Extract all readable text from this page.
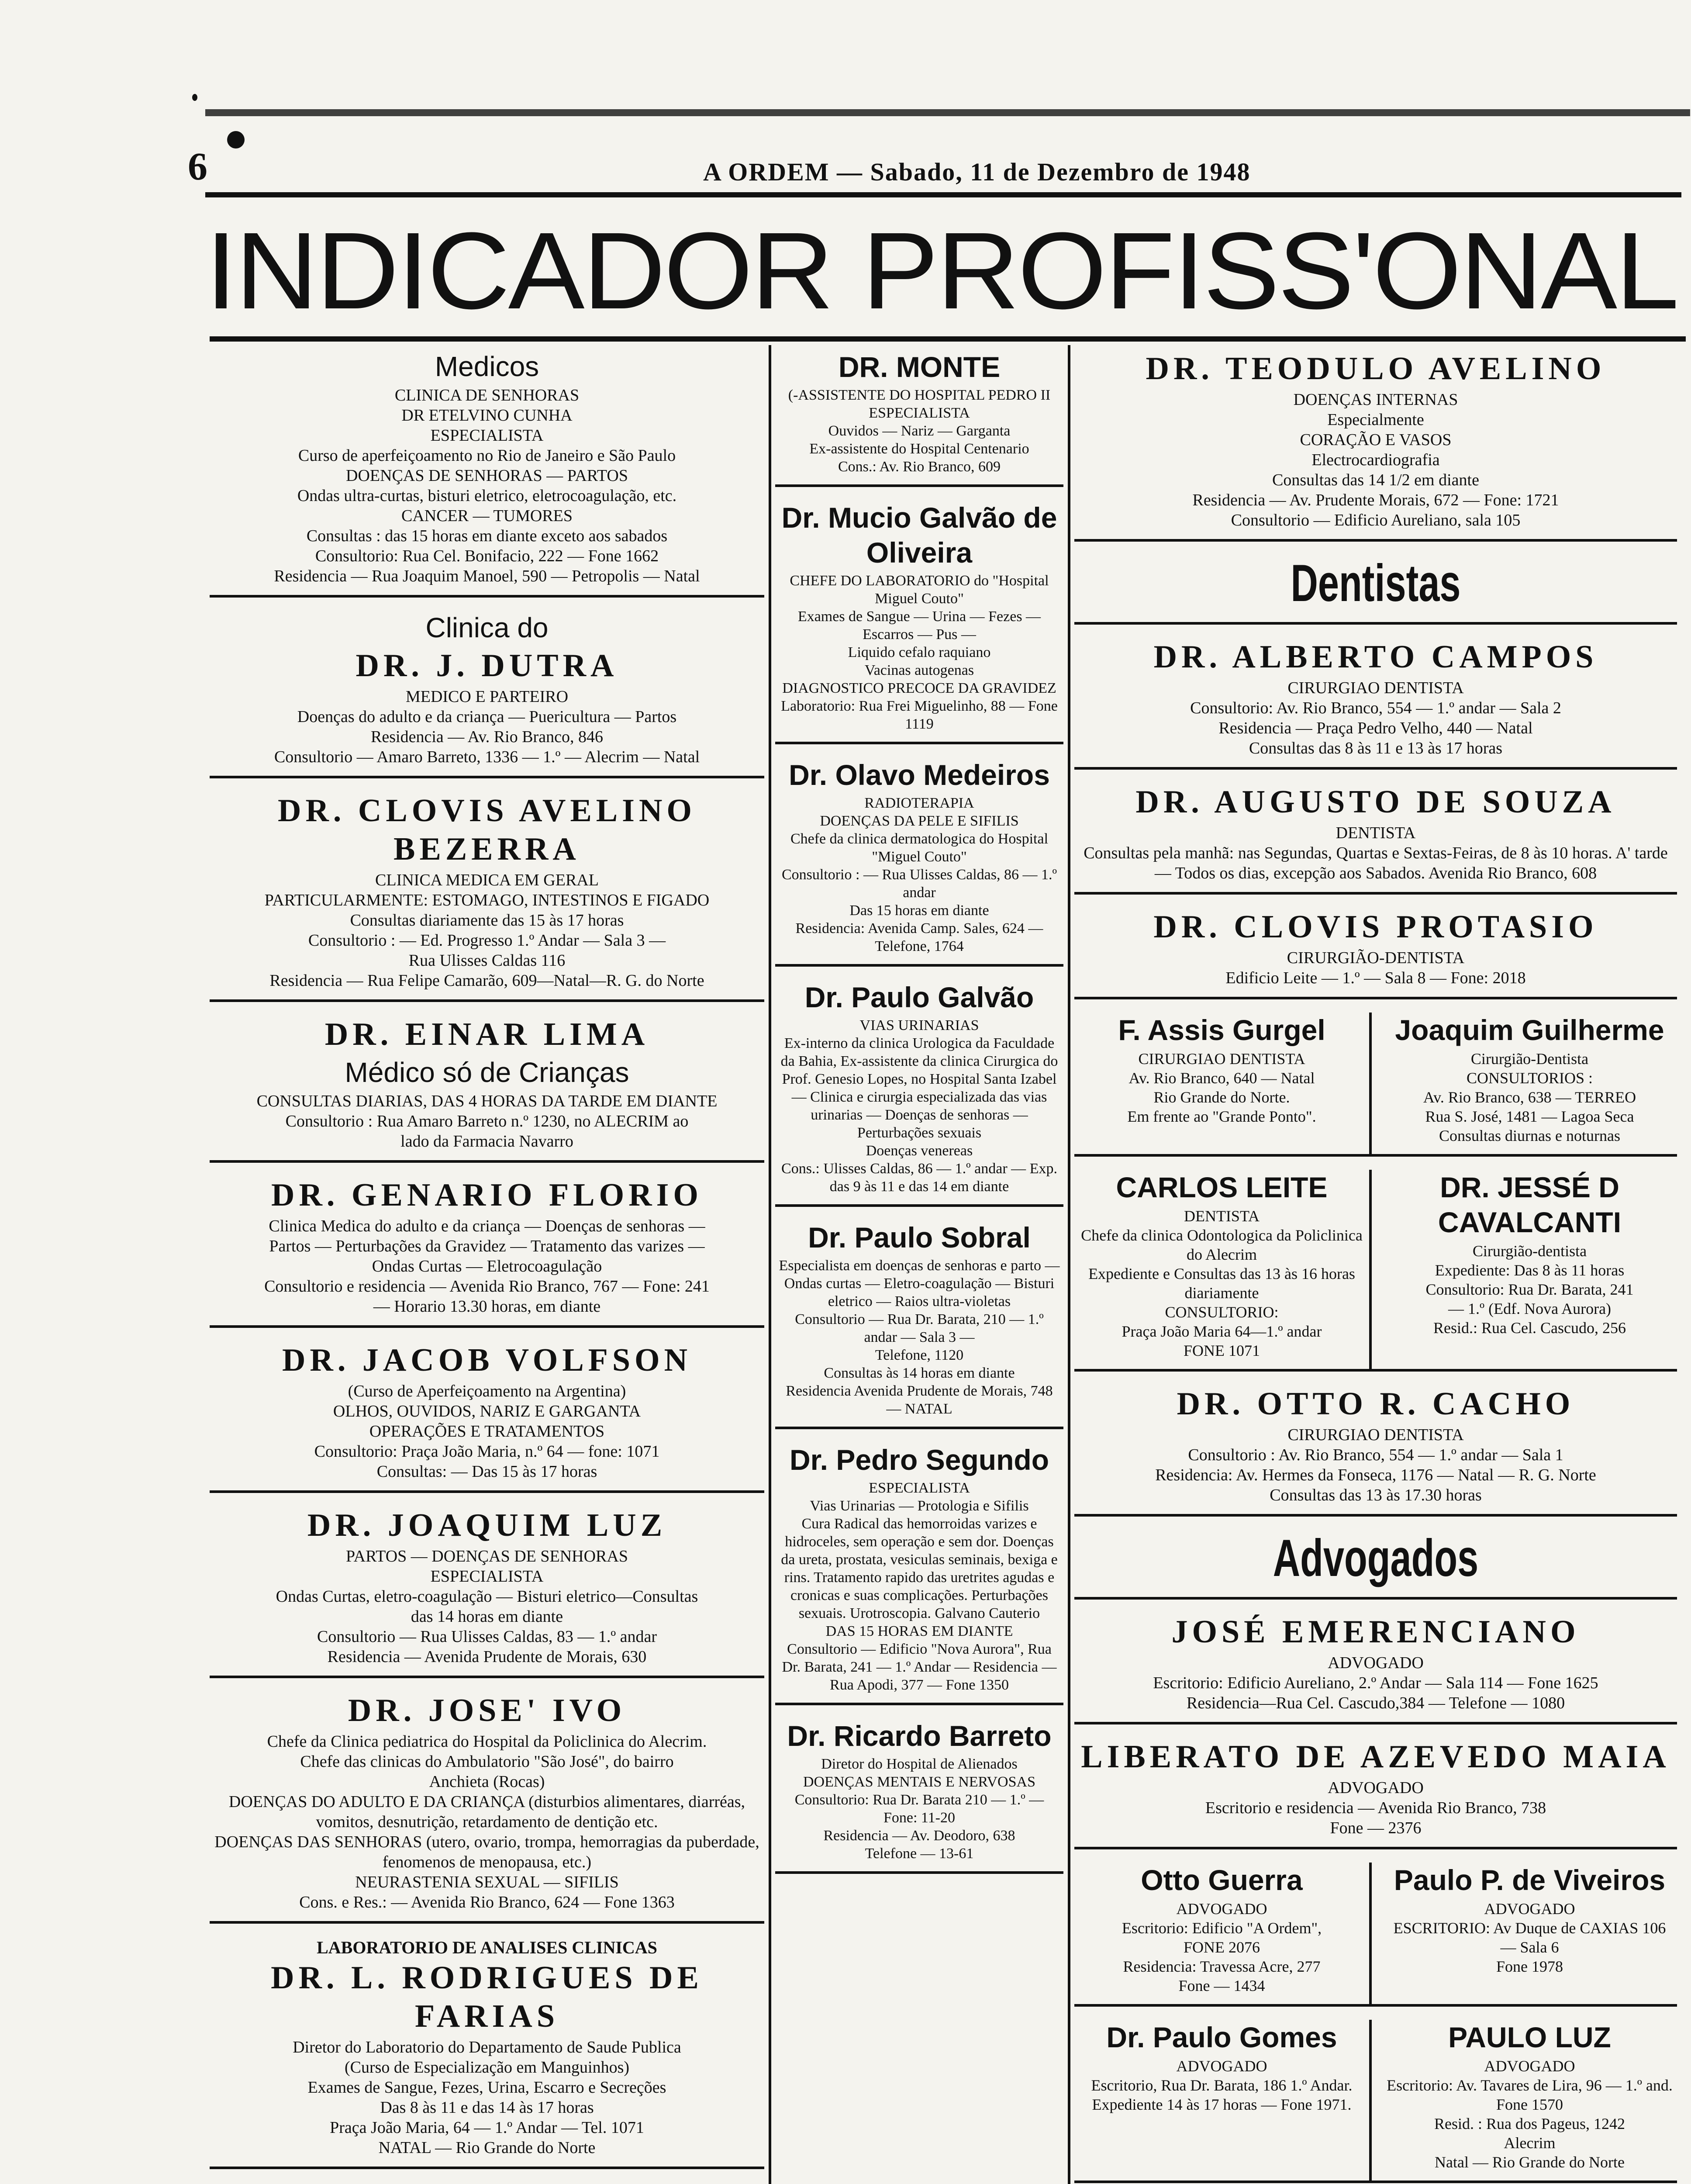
6	A ORDEM — Sabado, 11 de Dezembro de 1948
INDICADOR PROFISS'ONAL
Medicos

CLINICA DE SENHORAS

DR ETELVINO CUNHA

ESPECIALISTA

Curso de aperfeiçoamento no Rio de Janeiro e São Paulo

DOENÇAS DE SENHORAS — PARTOS

Ondas ultra-curtas, bisturi eletrico, eletrocoagulação, etc.

CANCER — TUMORES

Consultas : das 15 horas em diante exceto aos sabados

Consultorio: Rua Cel. Bonifacio, 222 — Fone 1662

Residencia — Rua Joaquim Manoel, 590 — Petropolis — Natal

Clinica do
DR. J. DUTRA

MEDICO E PARTEIRO

Doenças do adulto e da criança — Puericultura — Partos

Residencia — Av. Rio Branco, 846

Consultorio — Amaro Barreto, 1336 — 1.º — Alecrim — Natal

DR. CLOVIS AVELINO BEZERRA

CLINICA MEDICA EM GERAL

PARTICULARMENTE: ESTOMAGO, INTESTINOS E FIGADO

Consultas diariamente das 15 às 17 horas

Consultorio : — Ed. Progresso 1.º Andar — Sala 3 —

Rua Ulisses Caldas 116

Residencia — Rua Felipe Camarão, 609—Natal—R. G. do Norte

DR. EINAR LIMA
Médico só de Crianças

CONSULTAS DIARIAS, DAS 4 HORAS DA TARDE EM DIANTE

Consultorio : Rua Amaro Barreto n.º 1230, no ALECRIM ao

lado da Farmacia Navarro

DR. GENARIO FLORIO

Clinica Medica do adulto e da criança — Doenças de senhoras —

Partos — Perturbações da Gravidez — Tratamento das varizes —

Ondas Curtas — Eletrocoagulação

Consultorio e residencia — Avenida Rio Branco, 767 — Fone: 241

— Horario 13.30 horas, em diante

DR. JACOB VOLFSON

(Curso de Aperfeiçoamento na Argentina)

OLHOS, OUVIDOS, NARIZ E GARGANTA

OPERAÇÕES E TRATAMENTOS

Consultorio: Praça João Maria, n.º 64 — fone: 1071

Consultas: — Das 15 às 17 horas

DR. JOAQUIM LUZ

PARTOS — DOENÇAS DE SENHORAS

ESPECIALISTA

Ondas Curtas, eletro-coagulação — Bisturi eletrico—Consultas

das 14 horas em diante

Consultorio — Rua Ulisses Caldas, 83 — 1.º andar

Residencia — Avenida Prudente de Morais, 630

DR. JOSE' IVO

Chefe da Clinica pediatrica do Hospital da Policlinica do Alecrim.

Chefe das clinicas do Ambulatorio "São José", do bairro

Anchieta (Rocas)

DOENÇAS DO ADULTO E DA CRIANÇA (disturbios alimentares, diarréas, vomitos, desnutrição, retardamento de dentição etc.

DOENÇAS DAS SENHORAS (utero, ovario, trompa, hemorragias da puberdade, fenomenos de menopausa, etc.)

NEURASTENIA SEXUAL — SIFILIS

Cons. e Res.: — Avenida Rio Branco, 624 — Fone 1363

LABORATORIO DE ANALISES CLINICAS
DR. L. RODRIGUES DE FARIAS

Diretor do Laboratorio do Departamento de Saude Publica

(Curso de Especialização em Manguinhos)

Exames de Sangue, Fezes, Urina, Escarro e Secreções

Das 8 às 11 e das 14 às 17 horas

Praça João Maria, 64 — 1.º Andar — Tel. 1071

NATAL — Rio Grande do Norte

DR. MONTE

(-ASSISTENTE DO HOSPITAL PEDRO II

ESPECIALISTA

Ouvidos — Nariz — Garganta

Ex-assistente do Hospital Centenario

Cons.: Av. Rio Branco, 609

Dr. Mucio Galvão de Oliveira

CHEFE DO LABORATORIO do "Hospital Miguel Couto"

Exames de Sangue — Urina — Fezes — Escarros — Pus —

Liquido cefalo raquiano

Vacinas autogenas

DIAGNOSTICO PRECOCE DA GRAVIDEZ

Laboratorio: Rua Frei Miguelinho, 88 — Fone 1119

Dr. Olavo Medeiros

RADIOTERAPIA

DOENÇAS DA PELE E SIFILIS

Chefe da clinica dermatologica do Hospital "Miguel Couto"

Consultorio : — Rua Ulisses Caldas, 86 — 1.º andar

Das 15 horas em diante

Residencia: Avenida Camp. Sales, 624 — Telefone, 1764

Dr. Paulo Galvão

VIAS URINARIAS

Ex-interno da clinica Urologica da Faculdade da Bahia, Ex-assistente da clinica Cirurgica do Prof. Genesio Lopes, no Hospital Santa Izabel — Clinica e cirurgia especializada das vias urinarias — Doenças de senhoras — Perturbações sexuais

Doenças venereas

Cons.: Ulisses Caldas, 86 — 1.º andar — Exp. das 9 às 11 e das 14 em diante

Dr. Paulo Sobral

Especialista em doenças de senhoras e parto — Ondas curtas — Eletro-coagulação — Bisturi eletrico — Raios ultra-violetas

Consultorio — Rua Dr. Barata, 210 — 1.º andar — Sala 3 —

Telefone, 1120

Consultas às 14 horas em diante

Residencia Avenida Prudente de Morais, 748 — NATAL

Dr. Pedro Segundo

ESPECIALISTA

Vias Urinarias — Protologia e Sifilis

Cura Radical das hemorroidas varizes e hidroceles, sem operação e sem dor. Doenças da ureta, prostata, vesiculas seminais, bexiga e rins. Tratamento rapido das uretrites agudas e cronicas e suas complicações. Perturbações sexuais. Urotroscopia. Galvano Cauterio

DAS 15 HORAS EM DIANTE

Consultorio — Edificio "Nova Aurora", Rua Dr. Barata, 241 — 1.º Andar — Residencia — Rua Apodi, 377 — Fone 1350

Dr. Ricardo Barreto

Diretor do Hospital de Alienados

DOENÇAS MENTAIS E NERVOSAS

Consultorio: Rua Dr. Barata 210 — 1.º — Fone: 11-20

Residencia — Av. Deodoro, 638

Telefone — 13-61

DR. TEODULO AVELINO

DOENÇAS INTERNAS

Especialmente

CORAÇÃO E VASOS

Electrocardiografia

Consultas das 14 1/2 em diante

Residencia — Av. Prudente Morais, 672 — Fone: 1721

Consultorio — Edificio Aureliano, sala 105

Dentistas
DR. ALBERTO CAMPOS

CIRURGIAO DENTISTA

Consultorio: Av. Rio Branco, 554 — 1.º andar — Sala 2

Residencia — Praça Pedro Velho, 440 — Natal

Consultas das 8 às 11 e 13 às 17 horas

DR. AUGUSTO DE SOUZA

DENTISTA

Consultas pela manhã: nas Segundas, Quartas e Sextas-Feiras, de 8 às 10 horas. A' tarde — Todos os dias, excepção aos Sabados. Avenida Rio Branco, 608

DR. CLOVIS PROTASIO

CIRURGIÃO-DENTISTA

Edificio Leite — 1.º — Sala 8 — Fone: 2018

F. Assis Gurgel

CIRURGIAO DENTISTA

Av. Rio Branco, 640 — Natal

Rio Grande do Norte.

Em frente ao "Grande Ponto".

Joaquim Guilherme

Cirurgião-Dentista

CONSULTORIOS :

Av. Rio Branco, 638 — TERREO

Rua S. José, 1481 — Lagoa Seca

Consultas diurnas e noturnas

CARLOS LEITE

DENTISTA

Chefe da clinica Odontologica da Policlinica do Alecrim

Expediente e Consultas das 13 às 16 horas diariamente

CONSULTORIO:

Praça João Maria 64—1.º andar

FONE 1071

DR. JESSÉ D CAVALCANTI

Cirurgião-dentista

Expediente: Das 8 às 11 horas

Consultorio: Rua Dr. Barata, 241

— 1.º (Edf. Nova Aurora)

Resid.: Rua Cel. Cascudo, 256

DR. OTTO R. CACHO

CIRURGIAO DENTISTA

Consultorio : Av. Rio Branco, 554 — 1.º andar — Sala 1

Residencia: Av. Hermes da Fonseca, 1176 — Natal — R. G. Norte

Consultas das 13 às 17.30 horas

Advogados
JOSÉ EMERENCIANO

ADVOGADO

Escritorio: Edificio Aureliano, 2.º Andar — Sala 114 — Fone 1625

Residencia—Rua Cel. Cascudo,384 — Telefone — 1080

LIBERATO DE AZEVEDO MAIA

ADVOGADO

Escritorio e residencia — Avenida Rio Branco, 738

Fone — 2376

Otto Guerra

ADVOGADO

Escritorio: Edificio "A Ordem",

FONE 2076

Residencia: Travessa Acre, 277

Fone — 1434

Paulo P. de Viveiros

ADVOGADO

ESCRITORIO: Av Duque de CAXIAS 106 — Sala 6

Fone 1978

Dr. Paulo Gomes

ADVOGADO

Escritorio, Rua Dr. Barata, 186 1.º Andar.

Expediente 14 às 17 horas — Fone 1971.

PAULO LUZ

ADVOGADO

Escritorio: Av. Tavares de Lira, 96 — 1.º and. Fone 1570

Resid. : Rua dos Pageus, 1242

Alecrim

Natal — Rio Grande do Norte
